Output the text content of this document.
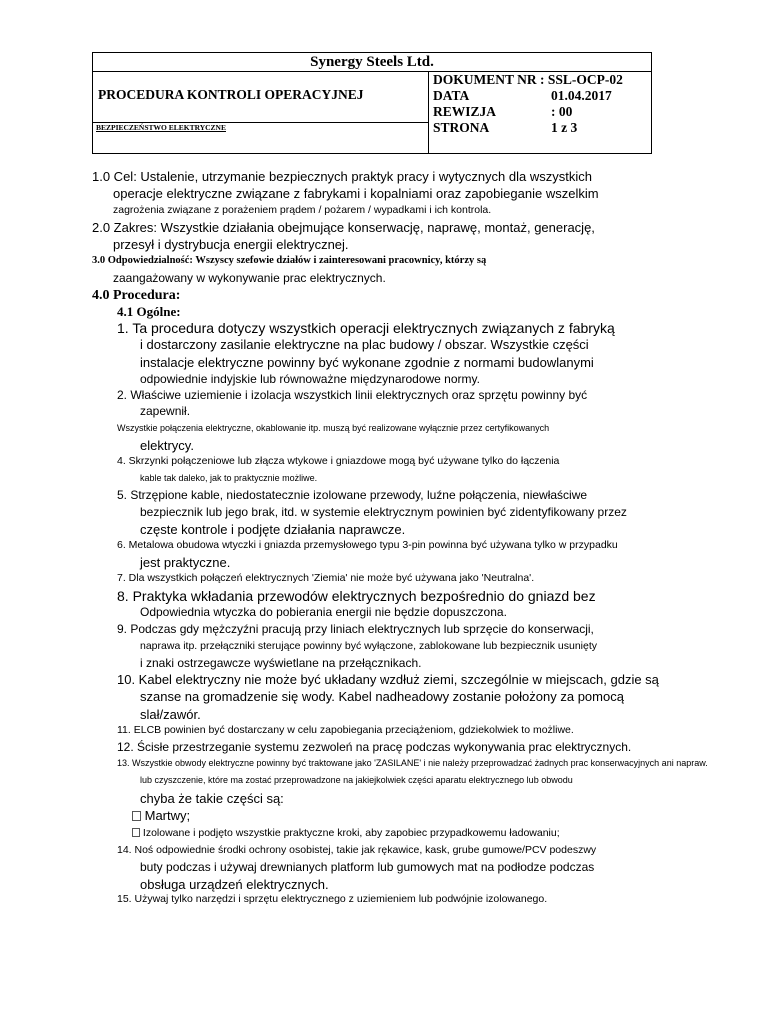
Synergy Steels Ltd.
PROCEDURA KONTROLI OPERACYJNEJ
BEZPIECZEŃSTWO ELEKTRYCZNE
DOKUMENT NR : SSL-OCP-02
DATA	01.04.2017
REWIZJA	: 00
STRONA	1 z 3
1.0 Cel: Ustalenie, utrzymanie bezpiecznych praktyk pracy i wytycznych dla wszystkich
operacje elektryczne związane z fabrykami i kopalniami oraz zapobieganie wszelkim
zagrożenia związane z porażeniem prądem / pożarem / wypadkami i ich kontrola.
2.0 Zakres: Wszystkie działania obejmujące konserwację, naprawę, montaż, generację,
przesył i dystrybucja energii elektrycznej.
3.0 Odpowiedzialność: Wszyscy szefowie działów i zainteresowani pracownicy, którzy są
zaangażowany w wykonywanie prac elektrycznych.
4.0 Procedura:
4.1 Ogólne:
1. Ta procedura dotyczy wszystkich operacji elektrycznych związanych z fabryką
i dostarczony zasilanie elektryczne na plac budowy / obszar. Wszystkie części
instalacje elektryczne powinny być wykonane zgodnie z normami budowlanymi
odpowiednie indyjskie lub równoważne międzynarodowe normy.
2. Właściwe uziemienie i izolacja wszystkich linii elektrycznych oraz sprzętu powinny być
zapewnił.
Wszystkie połączenia elektryczne, okablowanie itp. muszą być realizowane wyłącznie przez certyfikowanych
elektrycy.
4. Skrzynki połączeniowe lub złącza wtykowe i gniazdowe mogą być używane tylko do łączenia
kable tak daleko, jak to praktycznie możliwe.
5. Strzępione kable, niedostatecznie izolowane przewody, luźne połączenia, niewłaściwe
bezpiecznik lub jego brak, itd. w systemie elektrycznym powinien być zidentyfikowany przez
częste kontrole i podjęte działania naprawcze.
6. Metalowa obudowa wtyczki i gniazda przemysłowego typu 3-pin powinna być używana tylko w przypadku
jest praktyczne.
7. Dla wszystkich połączeń elektrycznych 'Ziemia' nie może być używana jako 'Neutralna'.
8. Praktyka wkładania przewodów elektrycznych bezpośrednio do gniazd bez
Odpowiednia wtyczka do pobierania energii nie będzie dopuszczona.
9. Podczas gdy mężczyźni pracują przy liniach elektrycznych lub sprzęcie do konserwacji,
naprawa itp. przełączniki sterujące powinny być wyłączone, zablokowane lub bezpiecznik usunięty
i znaki ostrzegawcze wyświetlane na przełącznikach.
10. Kabel elektryczny nie może być układany wzdłuż ziemi, szczególnie w miejscach, gdzie są
szanse na gromadzenie się wody. Kabel nadheadowy zostanie położony za pomocą
slał/zawór.
11. ELCB powinien być dostarczany w celu zapobiegania przeciążeniom, gdziekolwiek to możliwe.
12. Ścisłe przestrzeganie systemu zezwoleń na pracę podczas wykonywania prac elektrycznych.
13. Wszystkie obwody elektryczne powinny być traktowane jako 'ZASILANE' i nie należy przeprowadzać żadnych prac konserwacyjnych ani napraw.
lub czyszczenie, które ma zostać przeprowadzone na jakiejkolwiek części aparatu elektrycznego lub obwodu
chyba że takie części są:
Martwy;
Izolowane i podjęto wszystkie praktyczne kroki, aby zapobiec przypadkowemu ładowaniu;
14. Noś odpowiednie środki ochrony osobistej, takie jak rękawice, kask, grube gumowe/PCV podeszwy
buty podczas i używaj drewnianych platform lub gumowych mat na podłodze podczas
obsługa urządzeń elektrycznych.
15. Używaj tylko narzędzi i sprzętu elektrycznego z uziemieniem lub podwójnie izolowanego.
